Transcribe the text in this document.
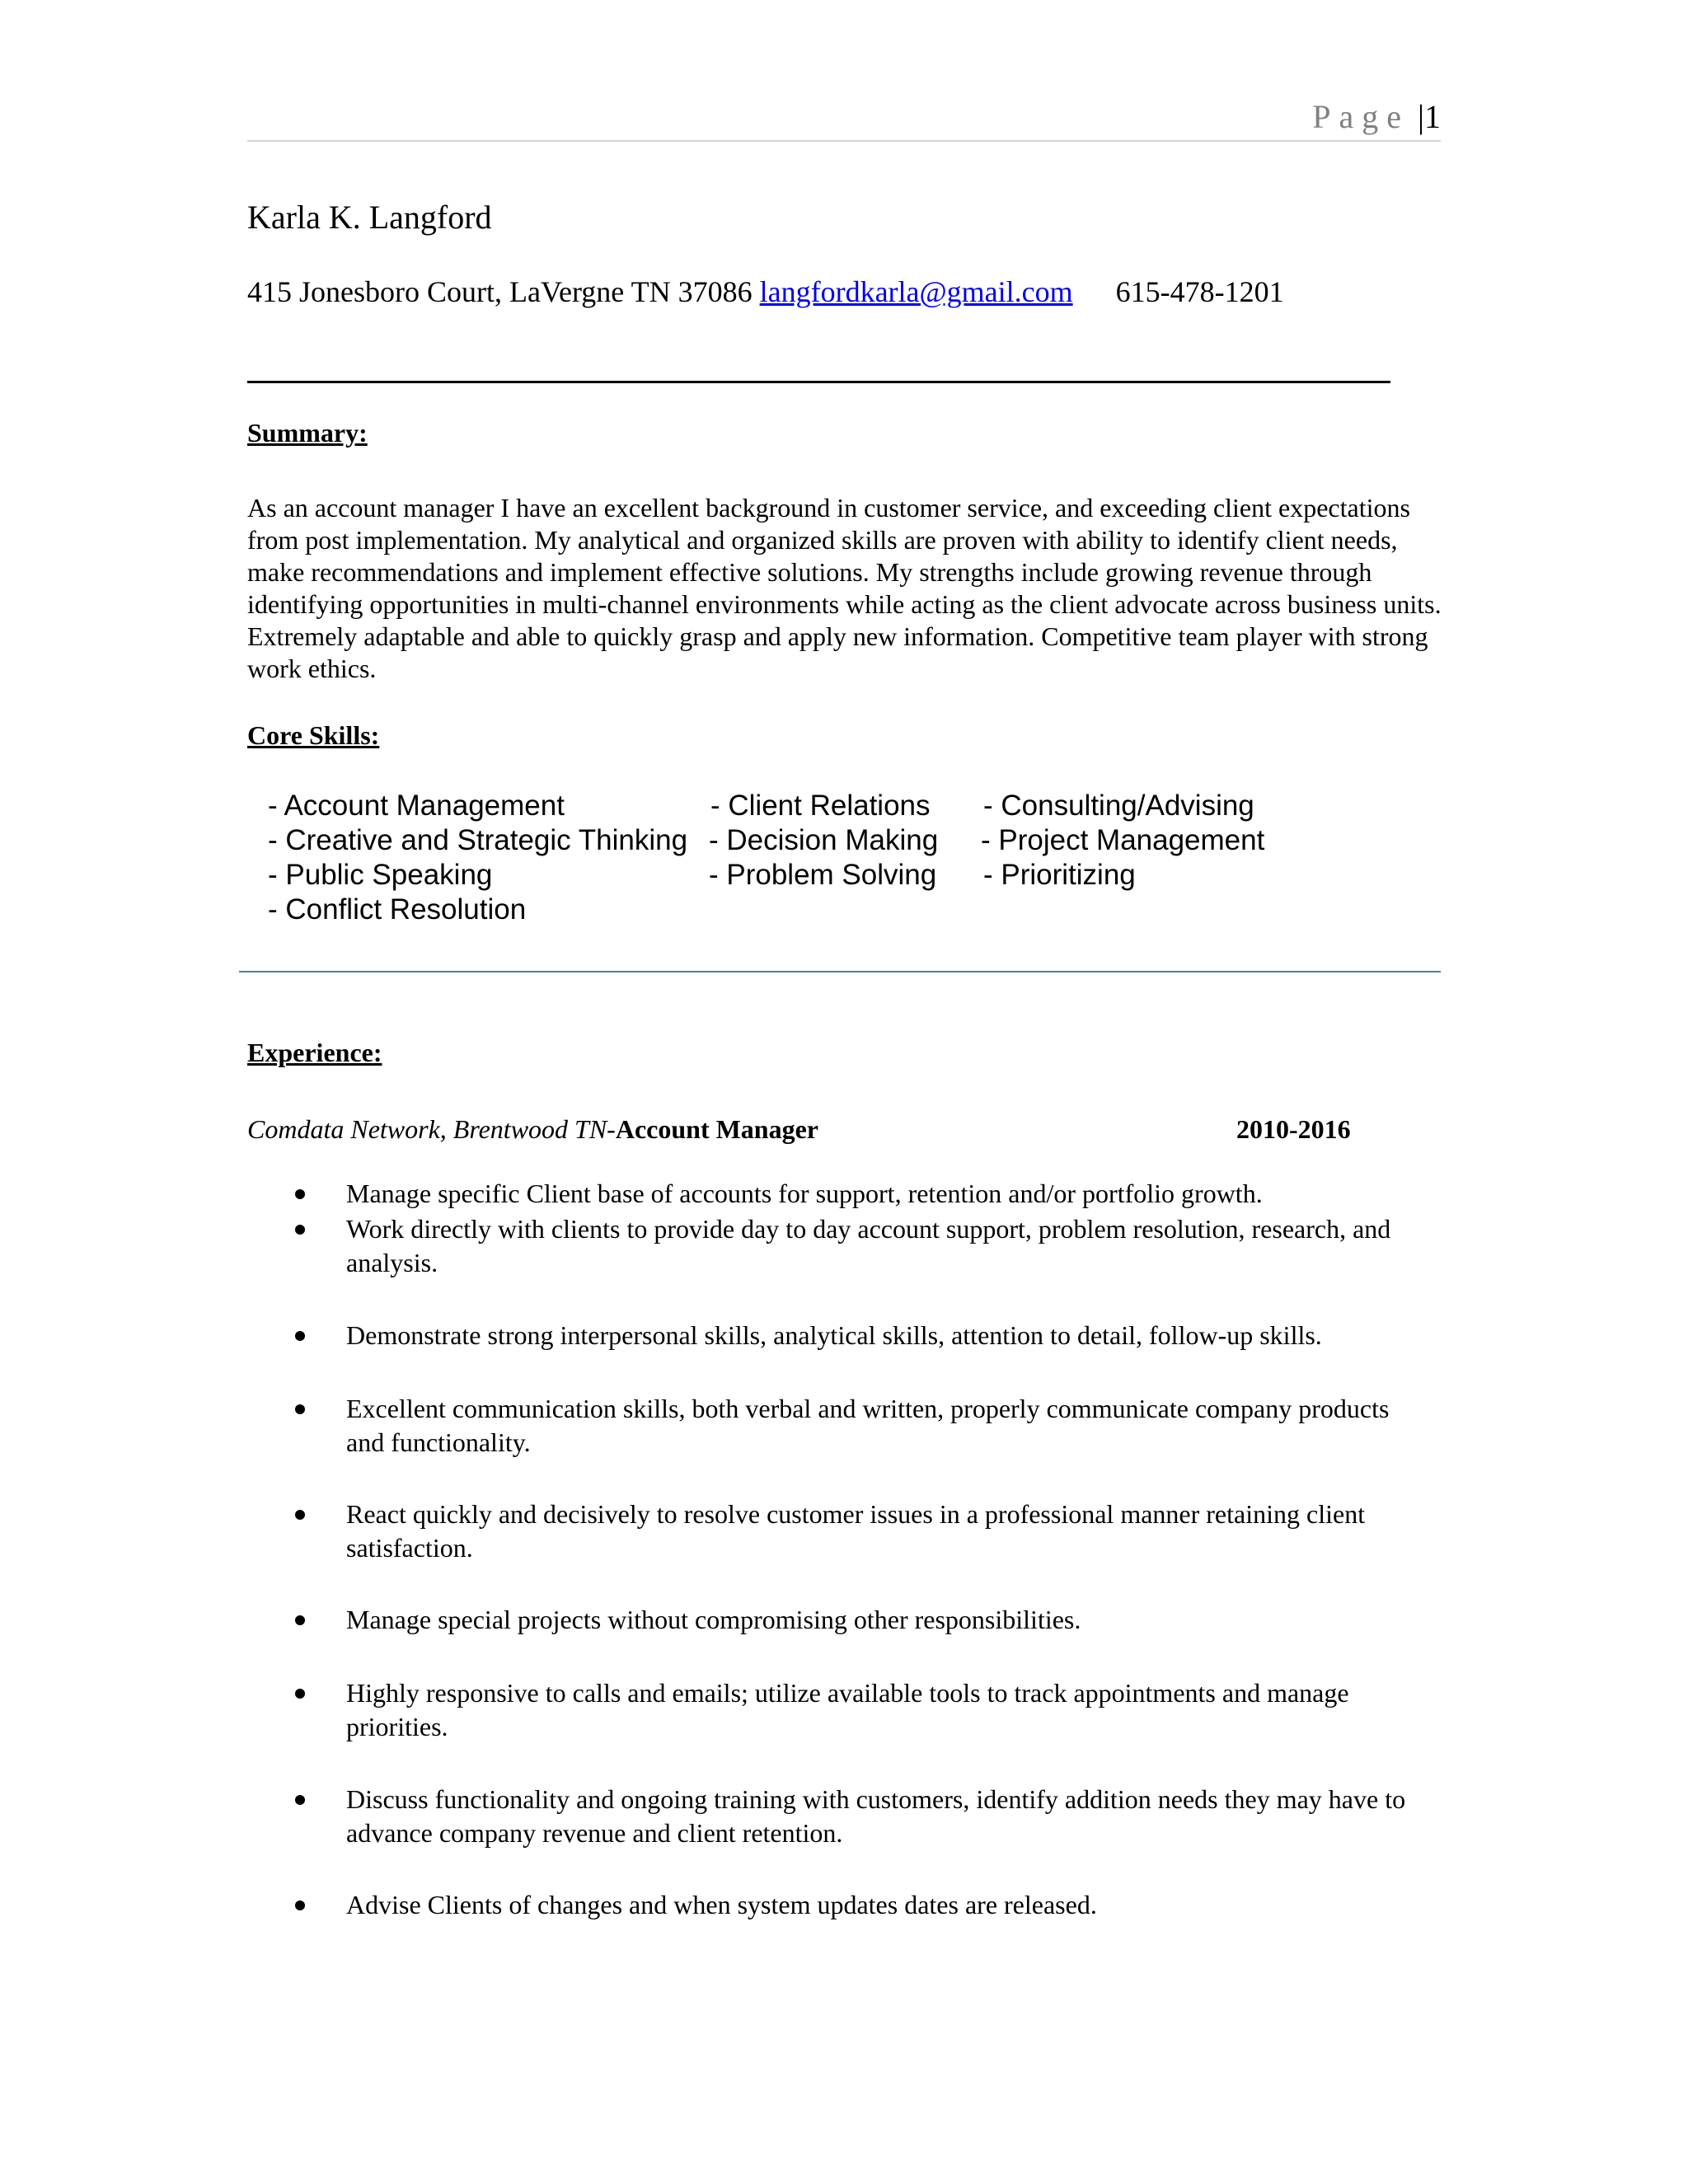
Page |1
Karla K. Langford
415 Jonesboro Court, LaVergne TN 37086 langfordkarla@gmail.com 615-478-1201
Summary:

As an account manager I have an excellent background in customer service, and exceeding client expectations from post implementation. My analytical and organized skills are proven with ability to identify client needs, make recommendations and implement effective solutions. My strengths include growing revenue through identifying opportunities in multi-channel environments while acting as the client advocate across business units. Extremely adaptable and able to quickly grasp and apply new information. Competitive team player with strong work ethics.

Core Skills:
- Account Management	- Client Relations - Consulting/Advising
- Creative and Strategic Thinking - Decision Making - Project Management
- Public Speaking	- Problem Solving - Prioritizing
- Conflict Resolution
Experience:
Comdata Network, Brentwood TN-Account Manager	2010-2016
Manage specific Client base of accounts for support, retention and/or portfolio growth.
Work directly with clients to provide day to day account support, problem resolution, research, and analysis.
Demonstrate strong interpersonal skills, analytical skills, attention to detail, follow-up skills.
Excellent communication skills, both verbal and written, properly communicate company products and functionality.
React quickly and decisively to resolve customer issues in a professional manner retaining client satisfaction.
Manage special projects without compromising other responsibilities.
Highly responsive to calls and emails; utilize available tools to track appointments and manage priorities.
Discuss functionality and ongoing training with customers, identify addition needs they may have to advance company revenue and client retention.
Advise Clients of changes and when system updates dates are released.
